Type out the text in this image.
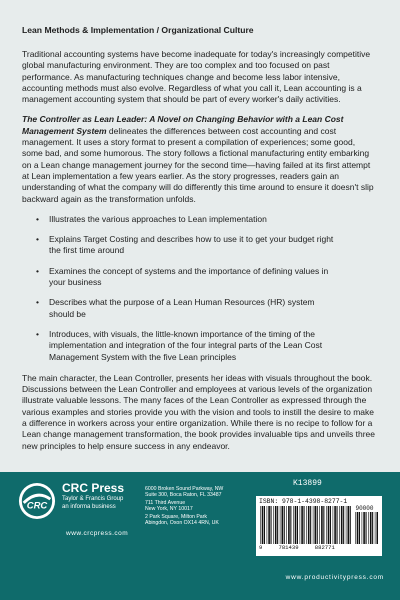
Lean Methods & Implementation / Organizational Culture

Traditional accounting systems have become inadequate for today's increasingly competitive global manufacturing environment. They are too complex and too focused on past performance. As manufacturing techniques change and become less labor intensive, accounting methods must also evolve. Regardless of what you call it, Lean accounting is a management accounting system that should be part of every worker's daily activities.

The Controller as Lean Leader: A Novel on Changing Behavior with a Lean Cost Management System delineates the differences between cost accounting and cost management. It uses a story format to present a compilation of experiences; some good, some bad, and some humorous. The story follows a fictional manufacturing entity embarking on a Lean change management journey for the second time—having failed at its first attempt at Lean implementation a few years earlier. As the story progresses, readers gain an understanding of what the company will do differently this time around to ensure it doesn't slip backward again as the transformation unfolds.

• Illustrates the various approaches to Lean implementation
• Explains Target Costing and describes how to use it to get your budget right the first time around
• Examines the concept of systems and the importance of defining values in your business
• Describes what the purpose of a Lean Human Resources (HR) system should be
• Introduces, with visuals, the little-known importance of the timing of the implementation and integration of the four integral parts of the Lean Cost Management System with the five Lean principles

The main character, the Lean Controller, presents her ideas with visuals throughout the book. Discussions between the Lean Controller and employees at various levels of the organization illustrate valuable lessons. The many faces of the Lean Controller as expressed through the various examples and stories provide you with the vision and tools to instill the desire to make a difference in workers across your entire organization. While there is no recipe to follow for a Lean change management transformation, the book provides invaluable tips and unveils three new principles to help ensure success in any endeavor.

CRC
CRC Press
Taylor & Francis Group
an informa business
www.crcpress.com
6000 Broken Sound Parkway, NW
Suite 300, Boca Raton, FL 33487
711 Third Avenue
New York, NY 10017
2 Park Square, Milton Park
Abingdon, Oxon OX14 4RN, UK
K13899
ISBN: 978-1-4398-8277-1
90000
9	781439	882771
www.productivitypress.com
